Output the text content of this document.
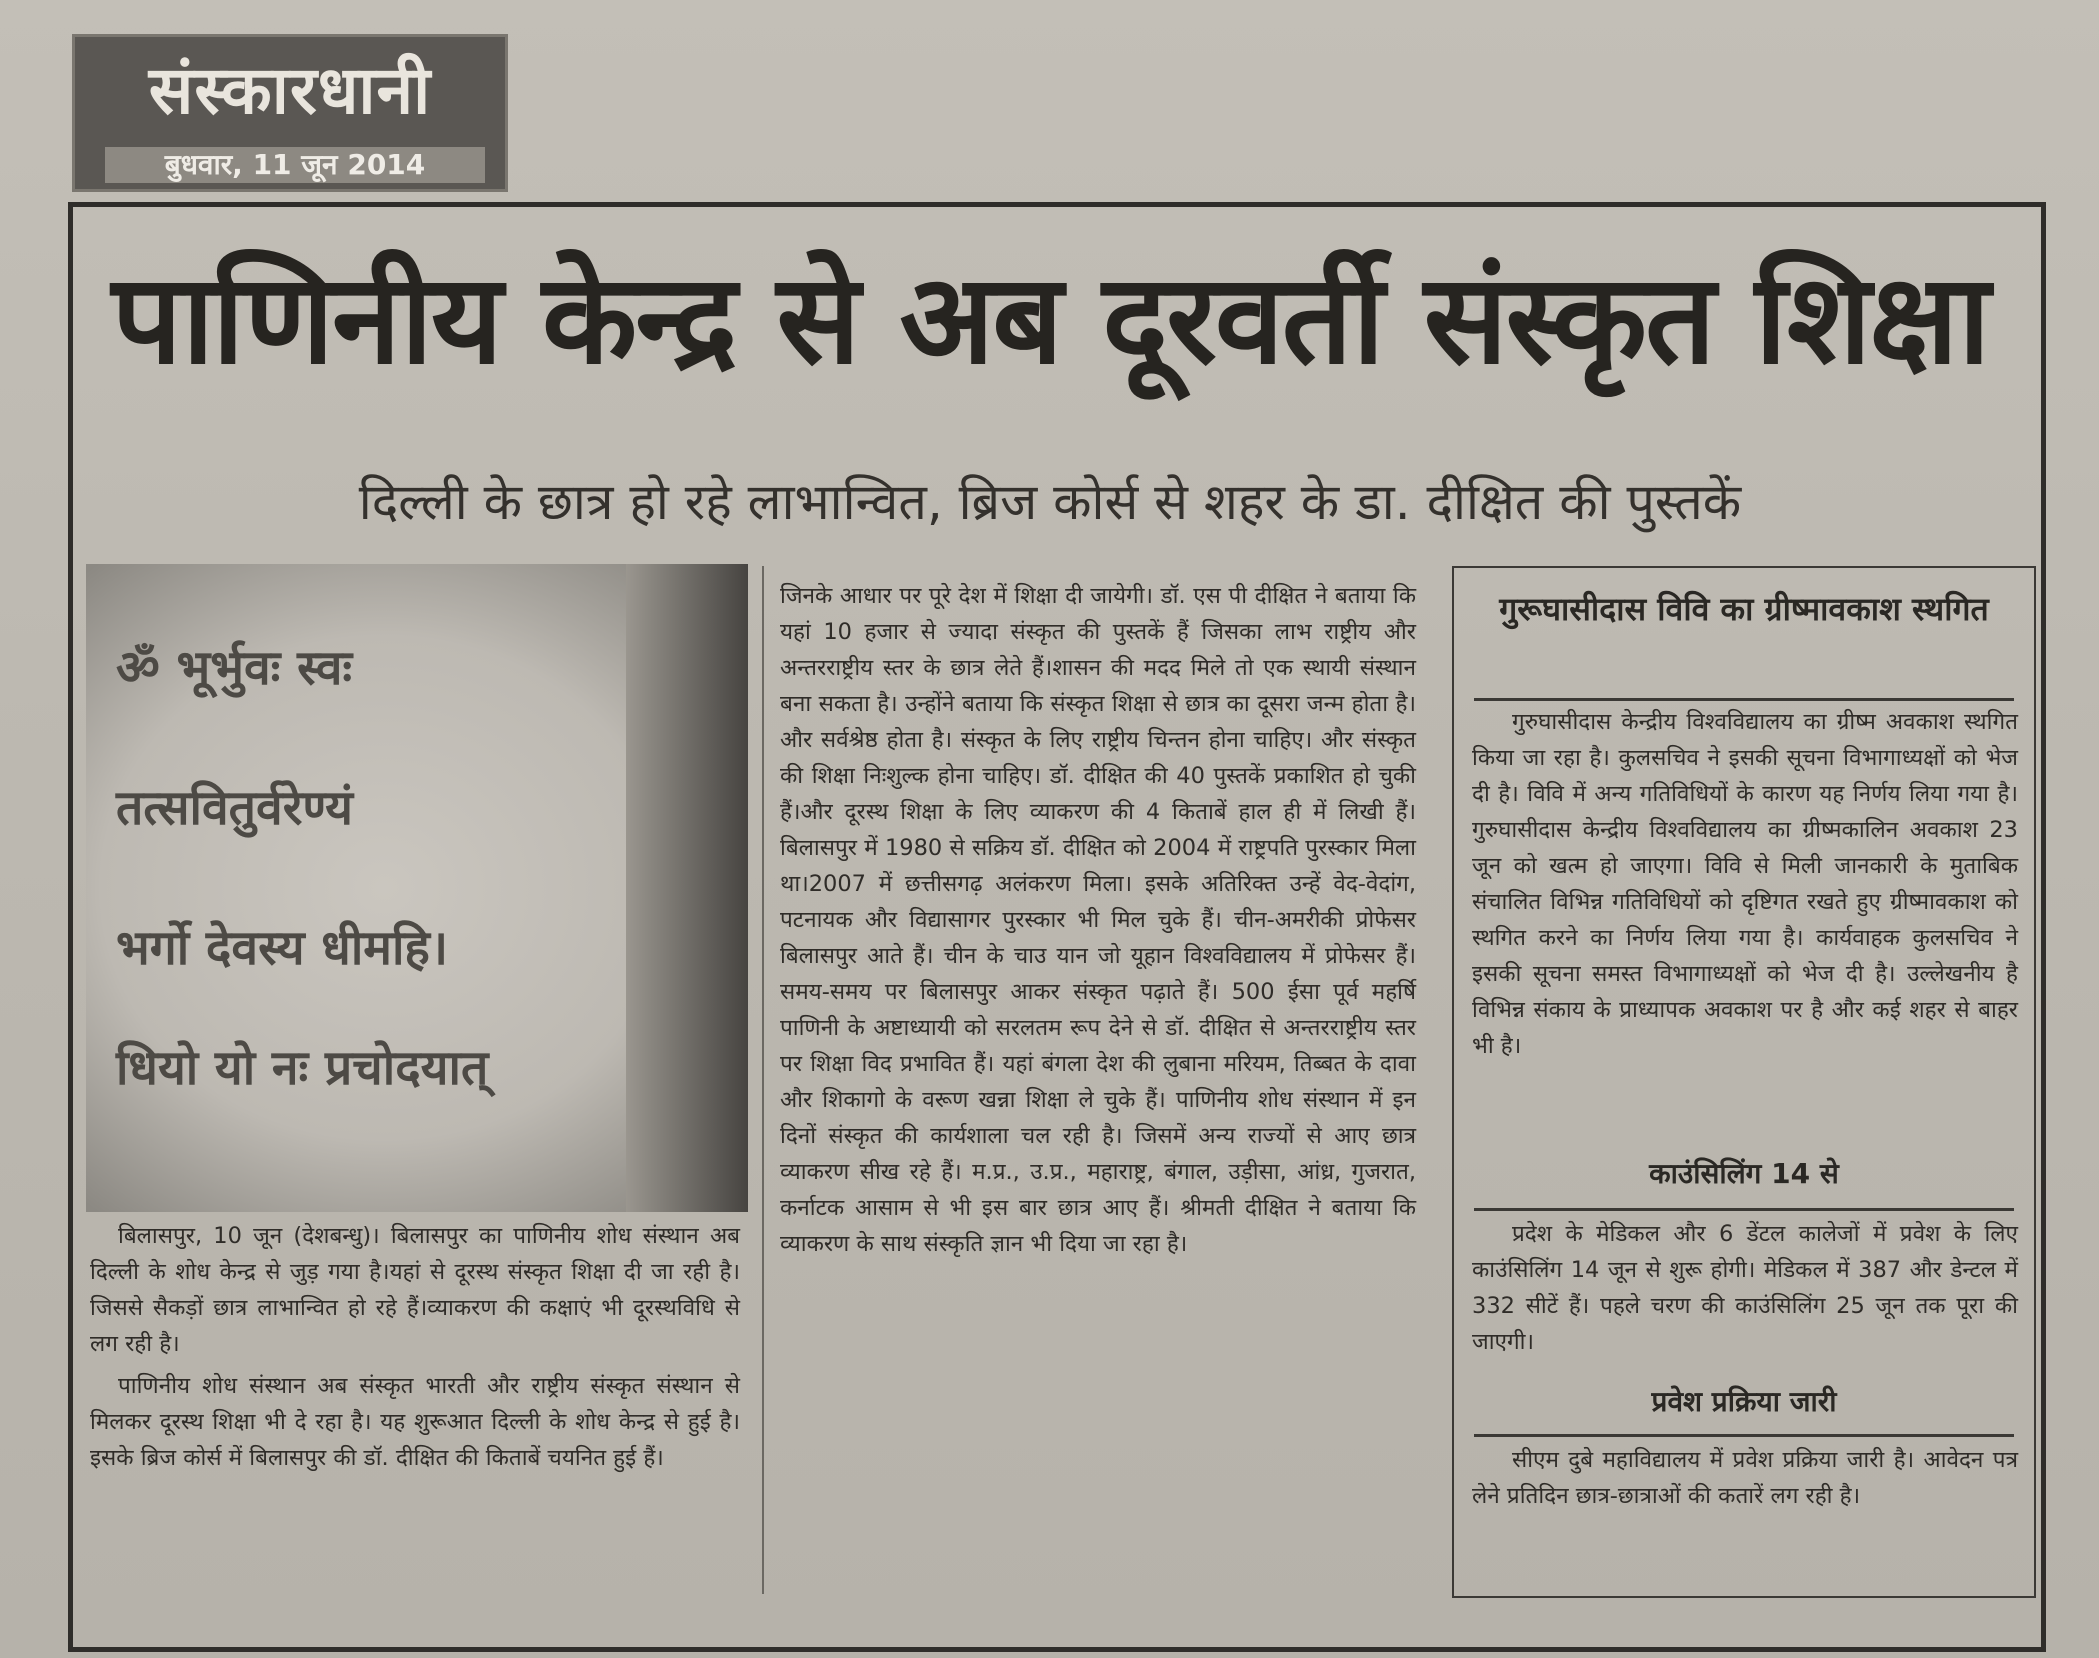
संस्कारधानी
बुधवार, 11 जून 2014
पाणिनीय केन्द्र से अब दूरवर्ती संस्कृत शिक्षा
दिल्ली के छात्र हो रहे लाभान्वित, ब्रिज कोर्स से शहर के डा. दीक्षित की पुस्तकें
ॐ भूर्भुवः स्वः
तत्सवितुर्वरेण्यं
भर्गो देवस्य धीमहि।
धियो यो नः प्रचोदयात्

बिलासपुर, 10 जून (देशबन्धु)। बिलासपुर का पाणिनीय शोध संस्थान अब दिल्ली के शोध केन्द्र से जुड़ गया है।यहां से दूरस्थ संस्कृत शिक्षा दी जा रही है।जिससे सैकड़ों छात्र लाभान्वित हो रहे हैं।व्याकरण की कक्षाएं भी दूरस्थविधि से लग रही है।

पाणिनीय शोध संस्थान अब संस्कृत भारती और राष्ट्रीय संस्कृत संस्थान से मिलकर दूरस्थ शिक्षा भी दे रहा है। यह शुरूआत दिल्ली के शोध केन्द्र से हुई है। इसके ब्रिज कोर्स में बिलासपुर की डॉ. दीक्षित की किताबें चयनित हुई हैं।

जिनके आधार पर पूरे देश में शिक्षा दी जायेगी। डॉ. एस पी दीक्षित ने बताया कि यहां 10 हजार से ज्यादा संस्कृत की पुस्तकें हैं जिसका लाभ राष्ट्रीय और अन्तरराष्ट्रीय स्तर के छात्र लेते हैं।शासन की मदद मिले तो एक स्थायी संस्थान बना सकता है। उन्होंने बताया कि संस्कृत शिक्षा से छात्र का दूसरा जन्म होता है। और सर्वश्रेष्ठ होता है। संस्कृत के लिए राष्ट्रीय चिन्तन होना चाहिए। और संस्कृत की शिक्षा निःशुल्क होना चाहिए। डॉ. दीक्षित की 40 पुस्तकें प्रकाशित हो चुकी हैं।और दूरस्थ शिक्षा के लिए व्याकरण की 4 किताबें हाल ही में लिखी हैं। बिलासपुर में 1980 से सक्रिय डॉ. दीक्षित को 2004 में राष्ट्रपति पुरस्कार मिला था।2007 में छत्तीसगढ़ अलंकरण मिला। इसके अतिरिक्त उन्हें वेद-वेदांग, पटनायक और विद्यासागर पुरस्कार भी मिल चुके हैं। चीन-अमरीकी प्रोफेसर बिलासपुर आते हैं। चीन के चाउ यान जो यूहान विश्वविद्यालय में प्रोफेसर हैं। समय-समय पर बिलासपुर आकर संस्कृत पढ़ाते हैं। 500 ईसा पूर्व महर्षि पाणिनी के अष्टाध्यायी को सरलतम रूप देने से डॉ. दीक्षित से अन्तरराष्ट्रीय स्तर पर शिक्षा विद प्रभावित हैं। यहां बंगला देश की लुबाना मरियम, तिब्बत के दावा और शिकागो के वरूण खन्ना शिक्षा ले चुके हैं। पाणिनीय शोध संस्थान में इन दिनों संस्कृत की कार्यशाला चल रही है। जिसमें अन्य राज्यों से आए छात्र व्याकरण सीख रहे हैं। म.प्र., उ.प्र., महाराष्ट्र, बंगाल, उड़ीसा, आंध्र, गुजरात, कर्नाटक आसाम से भी इस बार छात्र आए हैं। श्रीमती दीक्षित ने बताया कि व्याकरण के साथ संस्कृति ज्ञान भी दिया जा रहा है।
गुरूघासीदास विवि का ग्रीष्मावकाश स्थगित

गुरुघासीदास केन्द्रीय विश्वविद्यालय का ग्रीष्म अवकाश स्थगित किया जा रहा है। कुलसचिव ने इसकी सूचना विभागाध्यक्षों को भेज दी है। विवि में अन्य गतिविधियों के कारण यह निर्णय लिया गया है। गुरुघासीदास केन्द्रीय विश्वविद्यालय का ग्रीष्मकालिन अवकाश 23 जून को खत्म हो जाएगा। विवि से मिली जानकारी के मुताबिक संचालित विभिन्न गतिविधियों को दृष्टिगत रखते हुए ग्रीष्मावकाश को स्थगित करने का निर्णय लिया गया है। कार्यवाहक कुलसचिव ने इसकी सूचना समस्त विभागाध्यक्षों को भेज दी है। उल्लेखनीय है विभिन्न संकाय के प्राध्यापक अवकाश पर है और कई शहर से बाहर भी है।

काउंसिलिंग 14 से

प्रदेश के मेडिकल और 6 डेंटल कालेजों में प्रवेश के लिए काउंसिलिंग 14 जून से शुरू होगी। मेडिकल में 387 और डेन्टल में 332 सीटें हैं। पहले चरण की काउंसिलिंग 25 जून तक पूरा की जाएगी।

प्रवेश प्रक्रिया जारी

सीएम दुबे महाविद्यालय में प्रवेश प्रक्रिया जारी है। आवेदन पत्र लेने प्रतिदिन छात्र-छात्राओं की कतारें लग रही है।
